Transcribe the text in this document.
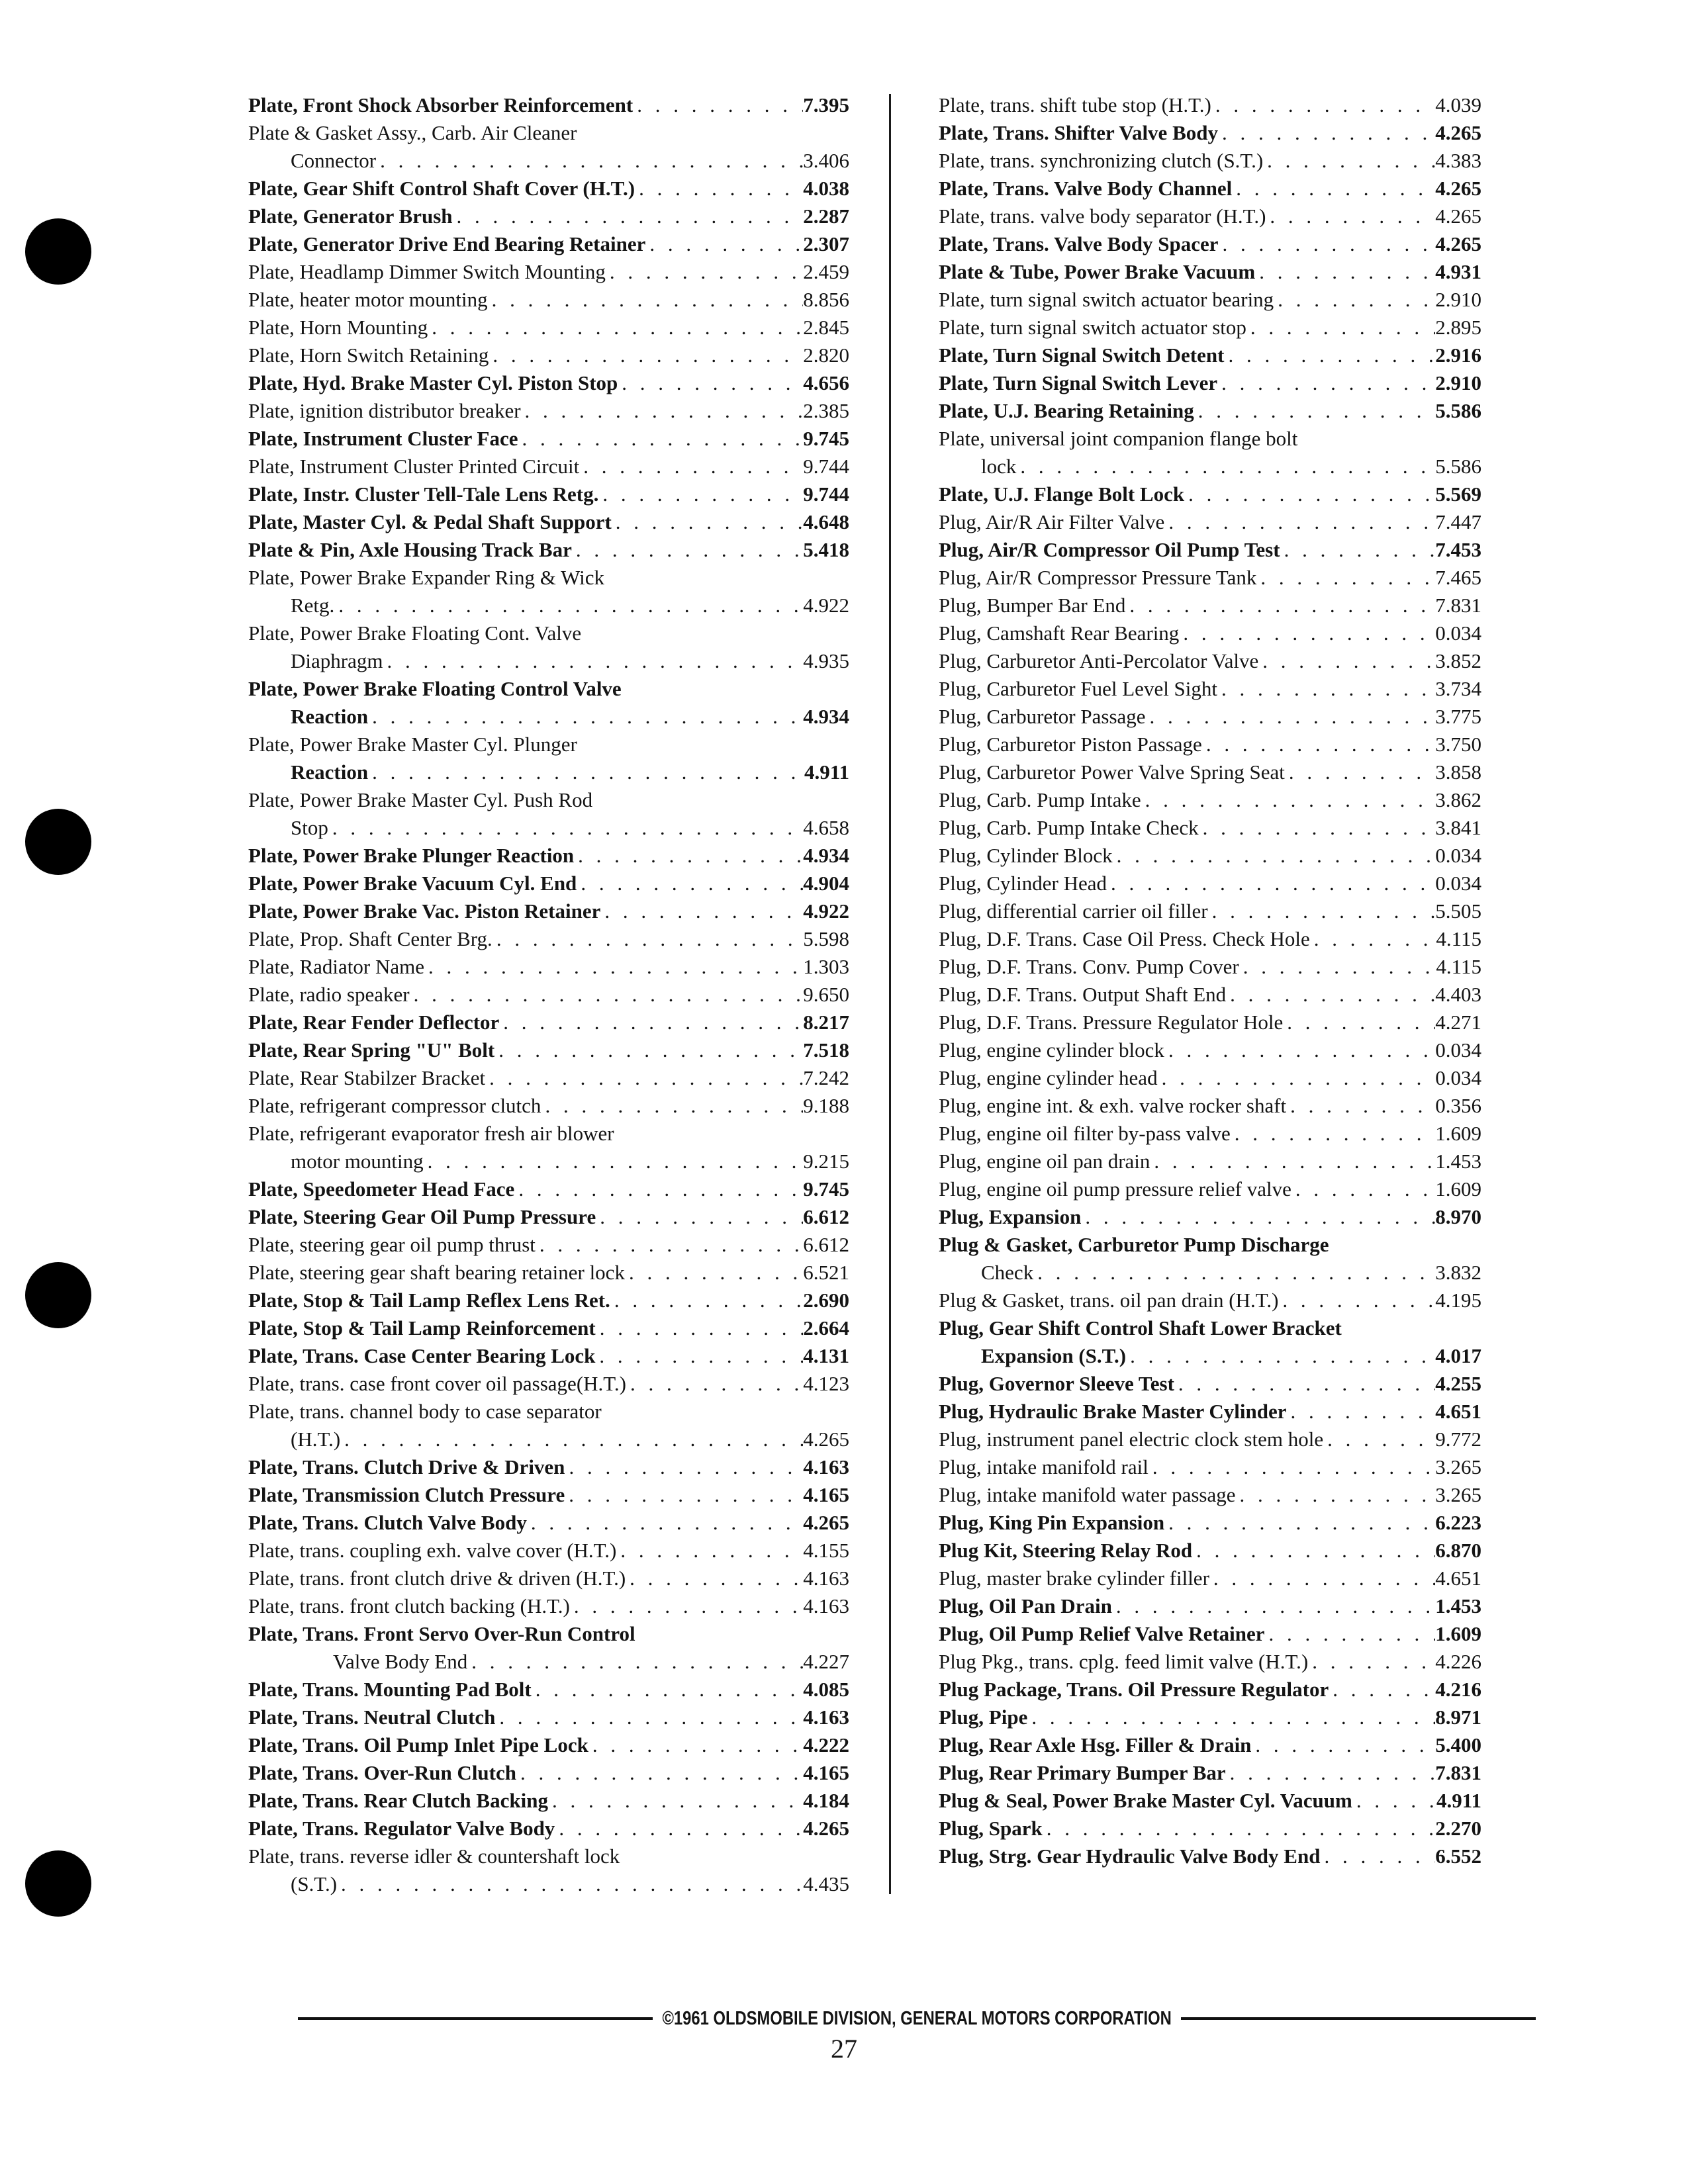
Plate, Front Shock Absorber Reinforcement . . .	7.395
Plate & Gasket Assy., Carb. Air Cleaner
Connector . . .	3.406
Plate, Gear Shift Control Shaft Cover (H.T.) . . .	4.038
Plate, Generator Brush . . .	2.287
Plate, Generator Drive End Bearing Retainer . . .	2.307
Plate, Headlamp Dimmer Switch Mounting . . .	2.459
Plate, heater motor mounting . . .	8.856
Plate, Horn Mounting . . .	2.845
Plate, Horn Switch Retaining . . .	2.820
Plate, Hyd. Brake Master Cyl. Piston Stop . . .	4.656
Plate, ignition distributor breaker . . .	2.385
Plate, Instrument Cluster Face . . .	9.745
Plate, Instrument Cluster Printed Circuit . . .	9.744
Plate, Instr. Cluster Tell-Tale Lens Retg. . . .	9.744
Plate, Master Cyl. & Pedal Shaft Support . . .	4.648
Plate & Pin, Axle Housing Track Bar . . .	5.418
Plate, Power Brake Expander Ring & Wick
Retg. . . .	4.922
Plate, Power Brake Floating Cont. Valve
Diaphragm . . .	4.935
Plate, Power Brake Floating Control Valve
Reaction . . .	4.934
Plate, Power Brake Master Cyl. Plunger
Reaction . . .	4.911
Plate, Power Brake Master Cyl. Push Rod
Stop . . .	4.658
Plate, Power Brake Plunger Reaction . . .	4.934
Plate, Power Brake Vacuum Cyl. End . . .	4.904
Plate, Power Brake Vac. Piston Retainer . . .	4.922
Plate, Prop. Shaft Center Brg. . . .	5.598
Plate, Radiator Name . . .	1.303
Plate, radio speaker . . .	9.650
Plate, Rear Fender Deflector . . .	8.217
Plate, Rear Spring "U" Bolt . . .	7.518
Plate, Rear Stabilzer Bracket . . .	7.242
Plate, refrigerant compressor clutch . . .	9.188
Plate, refrigerant evaporator fresh air blower
motor mounting . . .	9.215
Plate, Speedometer Head Face . . .	9.745
Plate, Steering Gear Oil Pump Pressure . . .	6.612
Plate, steering gear oil pump thrust . . .	6.612
Plate, steering gear shaft bearing retainer lock . . .	6.521
Plate, Stop & Tail Lamp Reflex Lens Ret. . . .	2.690
Plate, Stop & Tail Lamp Reinforcement . . .	2.664
Plate, Trans. Case Center Bearing Lock . . .	4.131
Plate, trans. case front cover oil passage(H.T.) . . .	4.123
Plate, trans. channel body to case separator
(H.T.) . . .	4.265
Plate, Trans. Clutch Drive & Driven . . .	4.163
Plate, Transmission Clutch Pressure . . .	4.165
Plate, Trans. Clutch Valve Body . . .	4.265
Plate, trans. coupling exh. valve cover (H.T.) . . .	4.155
Plate, trans. front clutch drive & driven (H.T.) . . .	4.163
Plate, trans. front clutch backing (H.T.) . . .	4.163
Plate, Trans. Front Servo Over-Run Control
Valve Body End . . .	4.227
Plate, Trans. Mounting Pad Bolt . . .	4.085
Plate, Trans. Neutral Clutch . . .	4.163
Plate, Trans. Oil Pump Inlet Pipe Lock . . .	4.222
Plate, Trans. Over-Run Clutch . . .	4.165
Plate, Trans. Rear Clutch Backing . . .	4.184
Plate, Trans. Regulator Valve Body . . .	4.265
Plate, trans. reverse idler & countershaft lock
(S.T.) . . .	4.435
Plate, trans. shift tube stop (H.T.) . . .	4.039
Plate, Trans. Shifter Valve Body . . .	4.265
Plate, trans. synchronizing clutch (S.T.) . . .	4.383
Plate, Trans. Valve Body Channel . . .	4.265
Plate, trans. valve body separator (H.T.) . . .	4.265
Plate, Trans. Valve Body Spacer . . .	4.265
Plate & Tube, Power Brake Vacuum . . .	4.931
Plate, turn signal switch actuator bearing . . .	2.910
Plate, turn signal switch actuator stop . . .	2.895
Plate, Turn Signal Switch Detent . . .	2.916
Plate, Turn Signal Switch Lever . . .	2.910
Plate, U.J. Bearing Retaining . . .	5.586
Plate, universal joint companion flange bolt
lock . . .	5.586
Plate, U.J. Flange Bolt Lock . . .	5.569
Plug, Air/R Air Filter Valve . . .	7.447
Plug, Air/R Compressor Oil Pump Test . . .	7.453
Plug, Air/R Compressor Pressure Tank . . .	7.465
Plug, Bumper Bar End . . .	7.831
Plug, Camshaft Rear Bearing . . .	0.034
Plug, Carburetor Anti-Percolator Valve . . .	3.852
Plug, Carburetor Fuel Level Sight . . .	3.734
Plug, Carburetor Passage . . .	3.775
Plug, Carburetor Piston Passage . . .	3.750
Plug, Carburetor Power Valve Spring Seat . . .	3.858
Plug, Carb. Pump Intake . . .	3.862
Plug, Carb. Pump Intake Check . . .	3.841
Plug, Cylinder Block . . .	0.034
Plug, Cylinder Head . . .	0.034
Plug, differential carrier oil filler . . .	5.505
Plug, D.F. Trans. Case Oil Press. Check Hole . . .	4.115
Plug, D.F. Trans. Conv. Pump Cover . . .	4.115
Plug, D.F. Trans. Output Shaft End . . .	4.403
Plug, D.F. Trans. Pressure Regulator Hole . . .	4.271
Plug, engine cylinder block . . .	0.034
Plug, engine cylinder head . . .	0.034
Plug, engine int. & exh. valve rocker shaft . . .	0.356
Plug, engine oil filter by-pass valve . . .	1.609
Plug, engine oil pan drain . . .	1.453
Plug, engine oil pump pressure relief valve . . .	1.609
Plug, Expansion . . .	8.970
Plug & Gasket, Carburetor Pump Discharge
Check . . .	3.832
Plug & Gasket, trans. oil pan drain (H.T.) . . .	4.195
Plug, Gear Shift Control Shaft Lower Bracket
Expansion (S.T.) . . .	4.017
Plug, Governor Sleeve Test . . .	4.255
Plug, Hydraulic Brake Master Cylinder . . .	4.651
Plug, instrument panel electric clock stem hole . . .	9.772
Plug, intake manifold rail . . .	3.265
Plug, intake manifold water passage . . .	3.265
Plug, King Pin Expansion . . .	6.223
Plug Kit, Steering Relay Rod . . .	6.870
Plug, master brake cylinder filler . . .	4.651
Plug, Oil Pan Drain . . .	1.453
Plug, Oil Pump Relief Valve Retainer . . .	1.609
Plug Pkg., trans. cplg. feed limit valve (H.T.) . . .	4.226
Plug Package, Trans. Oil Pressure Regulator . . .	4.216
Plug, Pipe . . .	8.971
Plug, Rear Axle Hsg. Filler & Drain . . .	5.400
Plug, Rear Primary Bumper Bar . . .	7.831
Plug & Seal, Power Brake Master Cyl. Vacuum . . .	4.911
Plug, Spark . . .	2.270
Plug, Strg. Gear Hydraulic Valve Body End . . .	6.552
©1961 OLDSMOBILE DIVISION, GENERAL MOTORS CORPORATION
27
